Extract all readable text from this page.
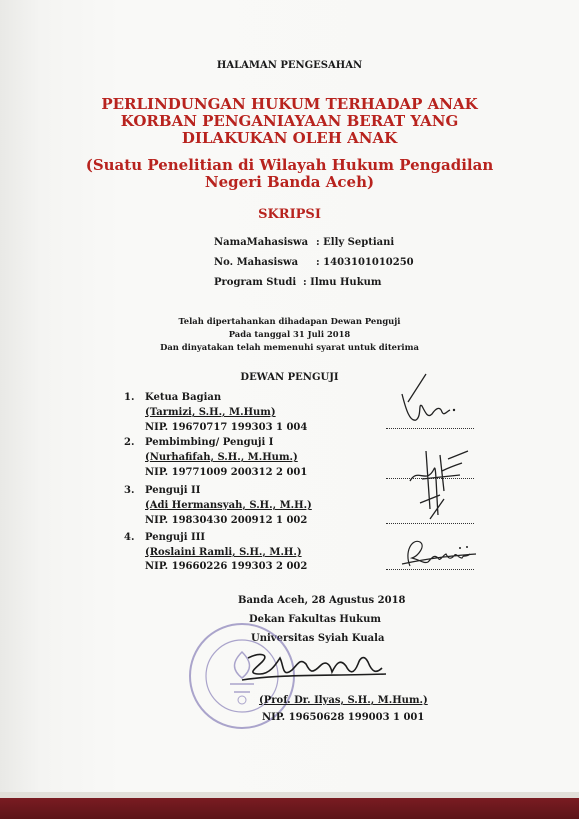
HALAMAN PENGESAHAN
PERLINDUNGAN HUKUM TERHADAP ANAK
KORBAN PENGANIAYAAN BERAT YANG
DILAKUKAN OLEH ANAK
(Suatu Penelitian di Wilayah Hukum Pengadilan
Negeri Banda Aceh)
SKRIPSI
NamaMahasiswa : Elly Septiani
No. Mahasiswa : 1403101010250
Program Studi : Ilmu Hukum
Telah dipertahankan dihadapan Dewan Penguji
Pada tanggal 31 Juli 2018
Dan dinyatakan telah memenuhi syarat untuk diterima
DEWAN PENGUJI
1. Ketua Bagian
(Tarmizi, S.H., M.Hum)
NIP. 19670717 199303 1 004
2. Pembimbing/ Penguji I
(Nurhafifah, S.H., M.Hum.)
NIP. 19771009 200312 2 001
3. Penguji II
(Adi Hermansyah, S.H., M.H.)
NIP. 19830430 200912 1 002
4. Penguji III
(Roslaini Ramli, S.H., M.H.)
NIP. 19660226 199303 2 002
Banda Aceh, 28 Agustus 2018
Dekan Fakultas Hukum
Universitas Syiah Kuala
(Prof. Dr. Ilyas, S.H., M.Hum.)
NIP. 19650628 199003 1 001
